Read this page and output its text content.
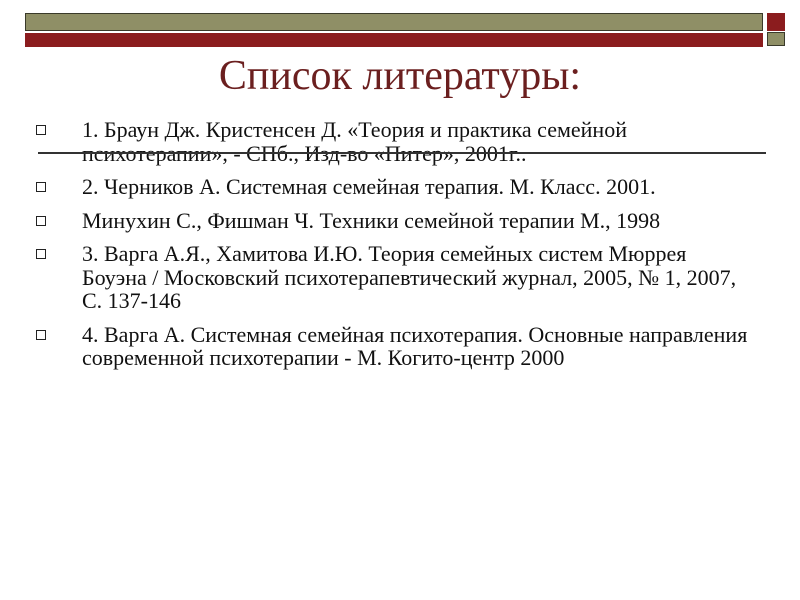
Список литературы:
1. Браун Дж. Кристенсен Д. «Теория и практика семейной психотерапии», - СПб., Изд-во «Питер», 2001г..
2. Черников А. Системная семейная терапия. М. Класс. 2001.
Минухин С., Фишман Ч. Техники семейной терапии М., 1998
3. Варга А.Я., Хамитова И.Ю. Теория семейных систем Мюррея Боуэна / Московский психотерапевтический журнал, 2005, № 1, 2007, С. 137-146
4. Варга А. Системная семейная психотерапия. Основные направления современной психотерапии - М. Когито-центр 2000
